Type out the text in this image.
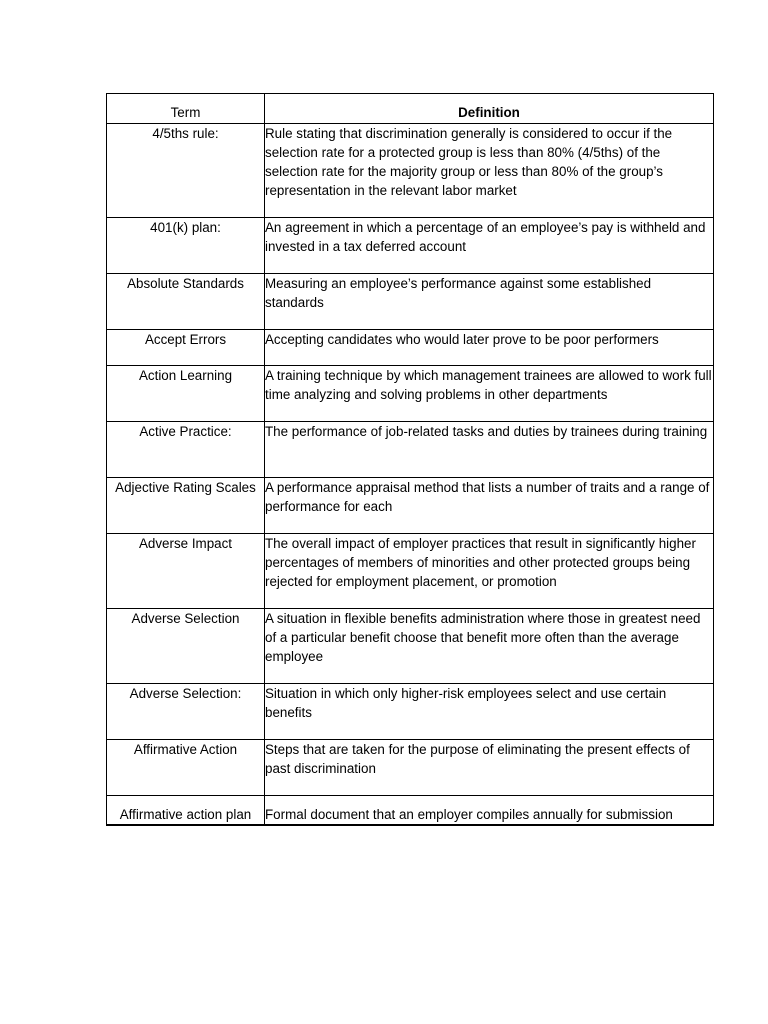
Term	Definition
4/5ths rule:	Rule stating that discrimination generally is considered to occur if the selection rate for a protected group is less than 80% (4/5ths) of the selection rate for the majority group or less than 80% of the group’s representation in the relevant labor market
401(k) plan:	An agreement in which a percentage of an employee’s pay is withheld and invested in a tax deferred account
Absolute Standards	Measuring an employee’s performance against some established standards
Accept Errors	Accepting candidates who would later prove to be poor performers
Action Learning	A training technique by which management trainees are allowed to work full time analyzing and solving problems in other departments
Active Practice:	The performance of job-related tasks and duties by trainees during training
Adjective Rating Scales	A performance appraisal method that lists a number of traits and a range of performance for each
Adverse Impact	The overall impact of employer practices that result in significantly higher percentages of members of minorities and other protected groups being rejected for employment placement, or promotion
Adverse Selection	A situation in flexible benefits administration where those in greatest need of a particular benefit choose that benefit more often than the average employee
Adverse Selection:	Situation in which only higher-risk employees select and use certain benefits
Affirmative Action	Steps that are taken for the purpose of eliminating the present effects of past discrimination
Affirmative action plan	Formal document that an employer compiles annually for submission
